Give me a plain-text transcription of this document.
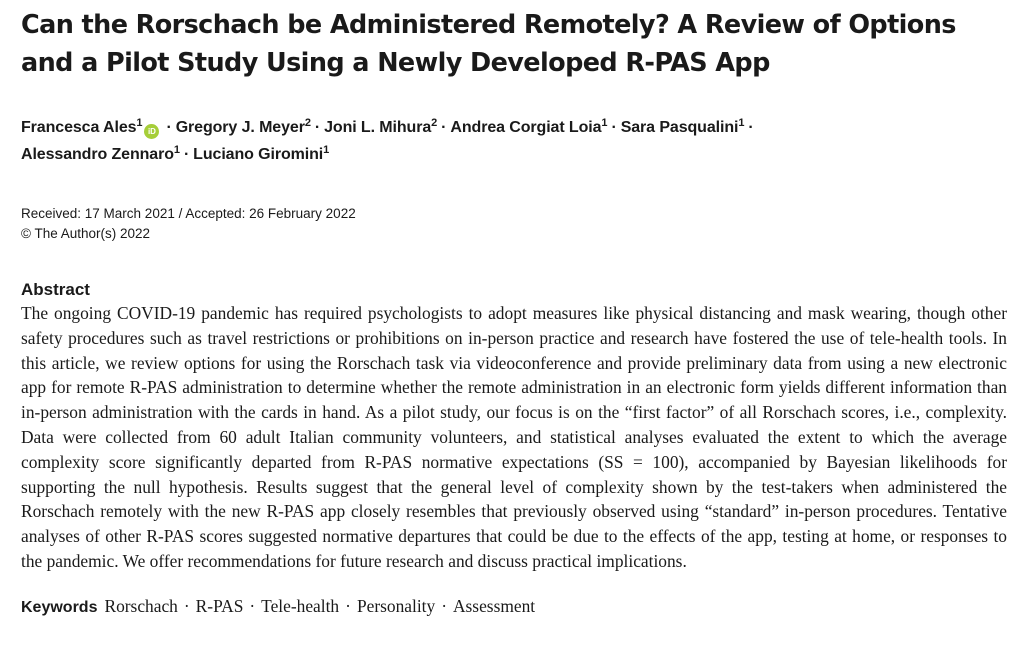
Can the Rorschach be Administered Remotely? A Review of Options
and a Pilot Study Using a Newly Developed R-PAS App
Francesca Ales$^1$iD · Gregory J. Meyer$^2$ · Joni L. Mihura$^2$ · Andrea Corgiat Loia$^1$ · Sara Pasqualini$^1$ ·
Alessandro Zennaro$^1$ · Luciano Giromini$^1$
Received: 17 March 2021 / Accepted: 26 February 2022
© The Author(s) 2022
Abstract
The ongoing COVID-19 pandemic has required psychologists to adopt measures like physical distancing and mask wearing, though other safety procedures such as travel restrictions or prohibitions on in-person practice and research have fostered the use of tele-health tools. In this article, we review options for using the Rorschach task via videoconference and provide preliminary data from using a new electronic app for remote R-PAS administration to determine whether the remote administration in an electronic form yields different information than in-person administration with the cards in hand. As a pilot study, our focus is on the “first factor” of all Rorschach scores, i.e., complexity. Data were collected from 60 adult Italian community volunteers, and statistical analyses evaluated the extent to which the average complexity score significantly departed from R-PAS normative expectations (SS = 100), accompanied by Bayesian likelihoods for supporting the null hypothesis. Results suggest that the general level of complexity shown by the test-takers when administered the Rorschach remotely with the new R-PAS app closely resembles that previously observed using “standard” in-person procedures. Tentative analyses of other R-PAS scores suggested normative departures that could be due to the effects of the app, testing at home, or responses to the pandemic. We offer recommendations for future research and discuss practical implications.
Keywords Rorschach · R-PAS · Tele-health · Personality · Assessment
